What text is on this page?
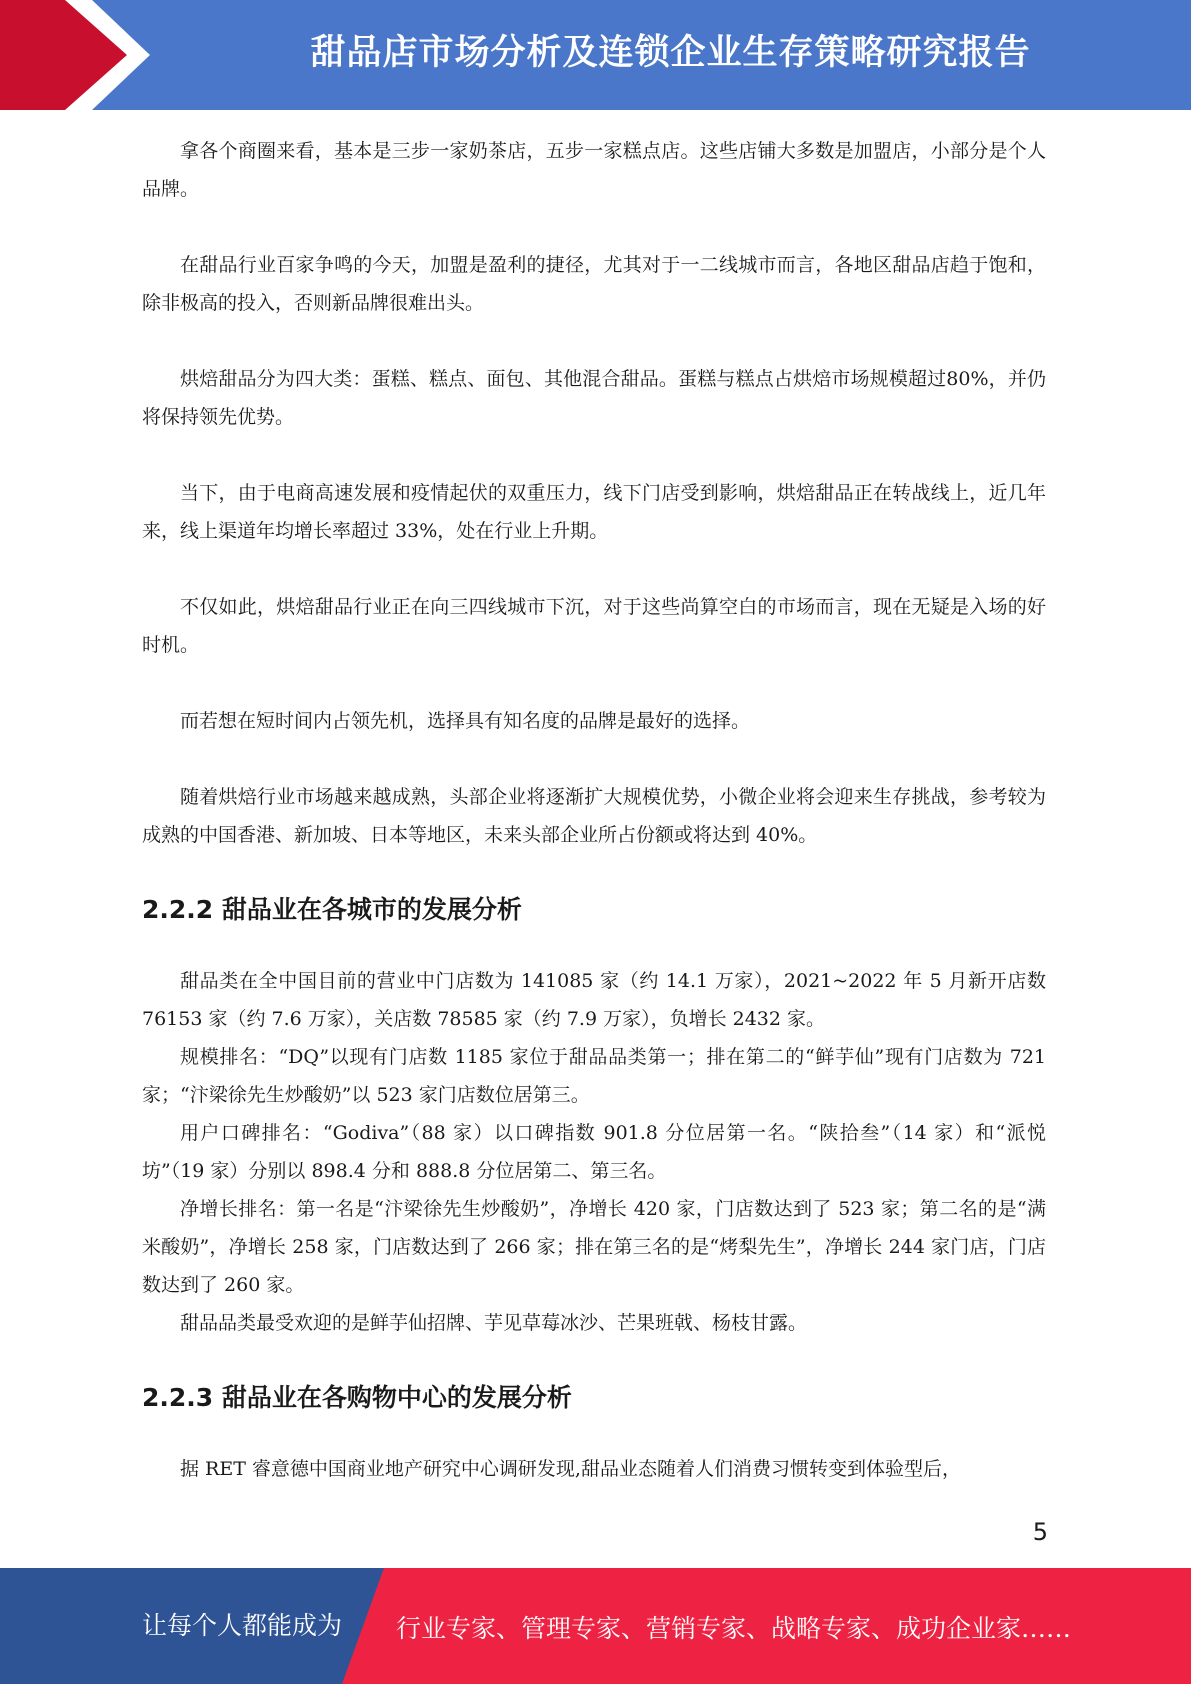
甜品店市场分析及连锁企业生存策略研究报告

拿各个商圈来看，基本是三步一家奶茶店，五步一家糕点店。这些店铺大多数是加盟店，小部分是个人品牌。

在甜品行业百家争鸣的今天，加盟是盈利的捷径，尤其对于一二线城市而言，各地区甜品店趋于饱和，除非极高的投入，否则新品牌很难出头。

烘焙甜品分为四大类：蛋糕、糕点、面包、其他混合甜品。蛋糕与糕点占烘焙市场规模超过80%，并仍将保持领先优势。

当下，由于电商高速发展和疫情起伏的双重压力，线下门店受到影响，烘焙甜品正在转战线上，近几年来，线上渠道年均增长率超过 33%，处在行业上升期。

不仅如此，烘焙甜品行业正在向三四线城市下沉，对于这些尚算空白的市场而言，现在无疑是入场的好时机。

而若想在短时间内占领先机，选择具有知名度的品牌是最好的选择。

随着烘焙行业市场越来越成熟，头部企业将逐渐扩大规模优势，小微企业将会迎来生存挑战，参考较为成熟的中国香港、新加坡、日本等地区，未来头部企业所占份额或将达到 40%。

2.2.2 甜品业在各城市的发展分析

甜品类在全中国目前的营业中门店数为 141085 家（约 14.1 万家），2021~2022 年 5 月新开店数 76153 家（约 7.6 万家），关店数 78585 家（约 7.9 万家），负增长 2432 家。

规模排名：“DQ”以现有门店数 1185 家位于甜品品类第一；排在第二的“鲜芋仙”现有门店数为 721 家；“汴梁徐先生炒酸奶”以 523 家门店数位居第三。

用户口碑排名：“Godiva”（88 家）以口碑指数 901.8 分位居第一名。“陕拾叁”（14 家）和“派悦坊”（19 家）分别以 898.4 分和 888.8 分位居第二、第三名。

净增长排名：第一名是“汴梁徐先生炒酸奶”，净增长 420 家，门店数达到了 523 家；第二名的是“满米酸奶”，净增长 258 家，门店数达到了 266 家；排在第三名的是“烤梨先生”，净增长 244 家门店，门店数达到了 260 家。

甜品品类最受欢迎的是鲜芋仙招牌、芋见草莓冰沙、芒果班戟、杨枝甘露。

2.2.3 甜品业在各购物中心的发展分析

据 RET 睿意德中国商业地产研究中心调研发现,甜品业态随着人们消费习惯转变到体验型后，

5
让每个人都能成为 行业专家、管理专家、营销专家、战略专家、成功企业家……
